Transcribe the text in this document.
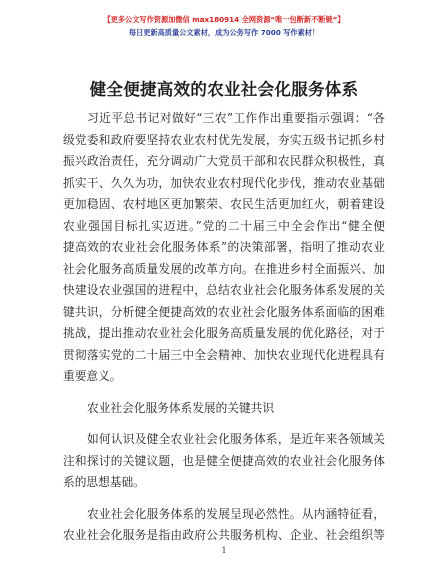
【更多公文写作资源加微信 max180914 全网资源“唯一包断新不断链”】
每日更新高质量公文素材，成为公务写作 7000 写作素材！
健全便捷高效的农业社会化服务体系
习近平总书记对做好“三农”工作作出重要指示强调：“各
级党委和政府要坚持农业农村优先发展，夯实五级书记抓乡村
振兴政治责任，充分调动广大党员干部和农民群众积极性，真
抓实干、久久为功，加快农业农村现代化步伐，推动农业基础
更加稳固、农村地区更加繁荣、农民生活更加红火，朝着建设
农业强国目标扎实迈进。”党的二十届三中全会作出“健全便
捷高效的农业社会化服务体系”的决策部署，指明了推动农业
社会化服务高质量发展的改革方向。在推进乡村全面振兴、加
快建设农业强国的进程中，总结农业社会化服务体系发展的关
键共识，分析健全便捷高效的农业社会化服务体系面临的困难
挑战，提出推动农业社会化服务高质量发展的优化路径，对于
贯彻落实党的二十届三中全会精神、加快农业现代化进程具有
重要意义。
农业社会化服务体系发展的关键共识
如何认识及健全农业社会化服务体系，是近年来各领域关
注和探讨的关键议题，也是健全便捷高效的农业社会化服务体
系的思想基础。
农业社会化服务体系的发展呈现必然性。从内涵特征看，
农业社会化服务是指由政府公共服务机构、企业、社会组织等
1
